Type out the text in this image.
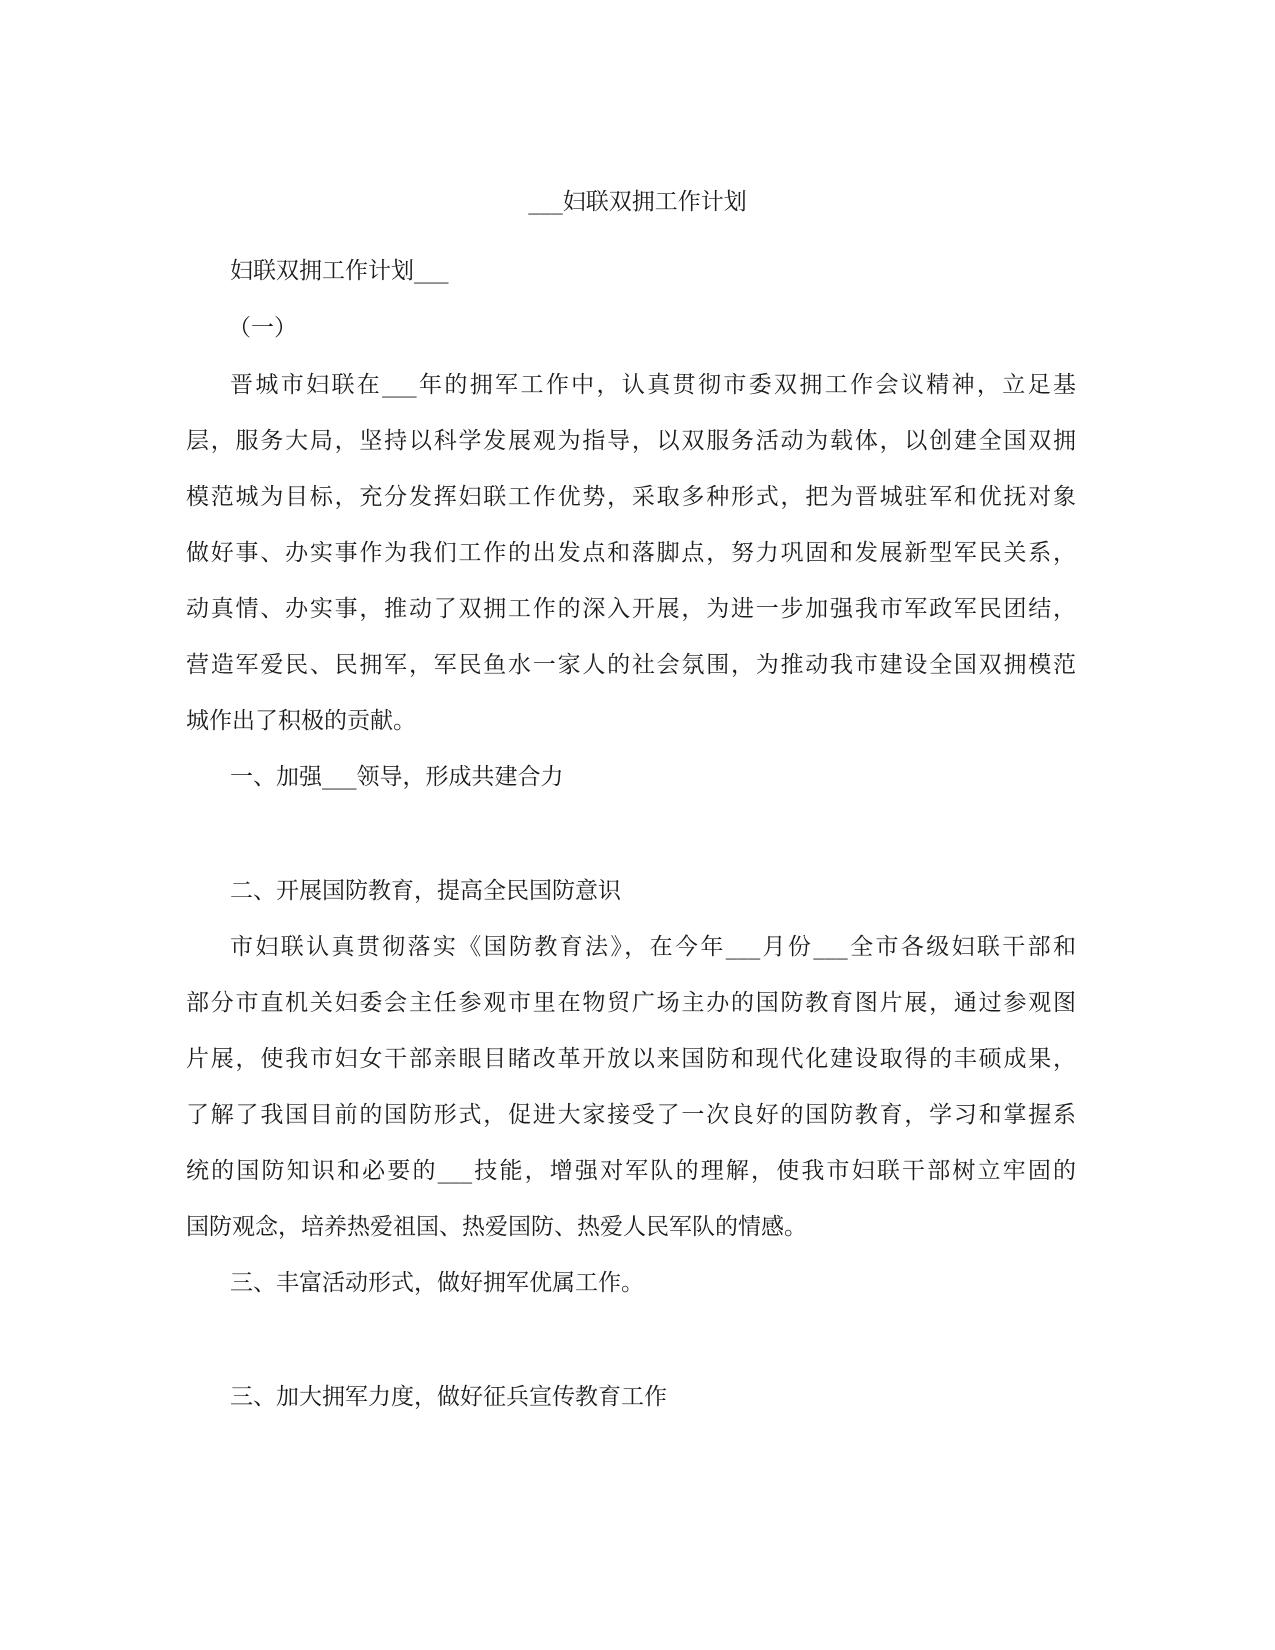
___妇联双拥工作计划
妇联双拥工作计划___
（一）
晋城市妇联在___年的拥军工作中，认真贯彻市委双拥工作会议精神，立足基
层，服务大局，坚持以科学发展观为指导，以双服务活动为载体，以创建全国双拥
模范城为目标，充分发挥妇联工作优势，采取多种形式，把为晋城驻军和优抚对象
做好事、办实事作为我们工作的出发点和落脚点，努力巩固和发展新型军民关系，
动真情、办实事，推动了双拥工作的深入开展，为进一步加强我市军政军民团结，
营造军爱民、民拥军，军民鱼水一家人的社会氛围，为推动我市建设全国双拥模范
城作出了积极的贡献。
一、加强___领导，形成共建合力
二、开展国防教育，提高全民国防意识
市妇联认真贯彻落实《国防教育法》，在今年___月份___全市各级妇联干部和
部分市直机关妇委会主任参观市里在物贸广场主办的国防教育图片展，通过参观图
片展，使我市妇女干部亲眼目睹改革开放以来国防和现代化建设取得的丰硕成果，
了解了我国目前的国防形式，促进大家接受了一次良好的国防教育，学习和掌握系
统的国防知识和必要的___技能，增强对军队的理解，使我市妇联干部树立牢固的
国防观念，培养热爱祖国、热爱国防、热爱人民军队的情感。
三、丰富活动形式，做好拥军优属工作。
三、加大拥军力度，做好征兵宣传教育工作
